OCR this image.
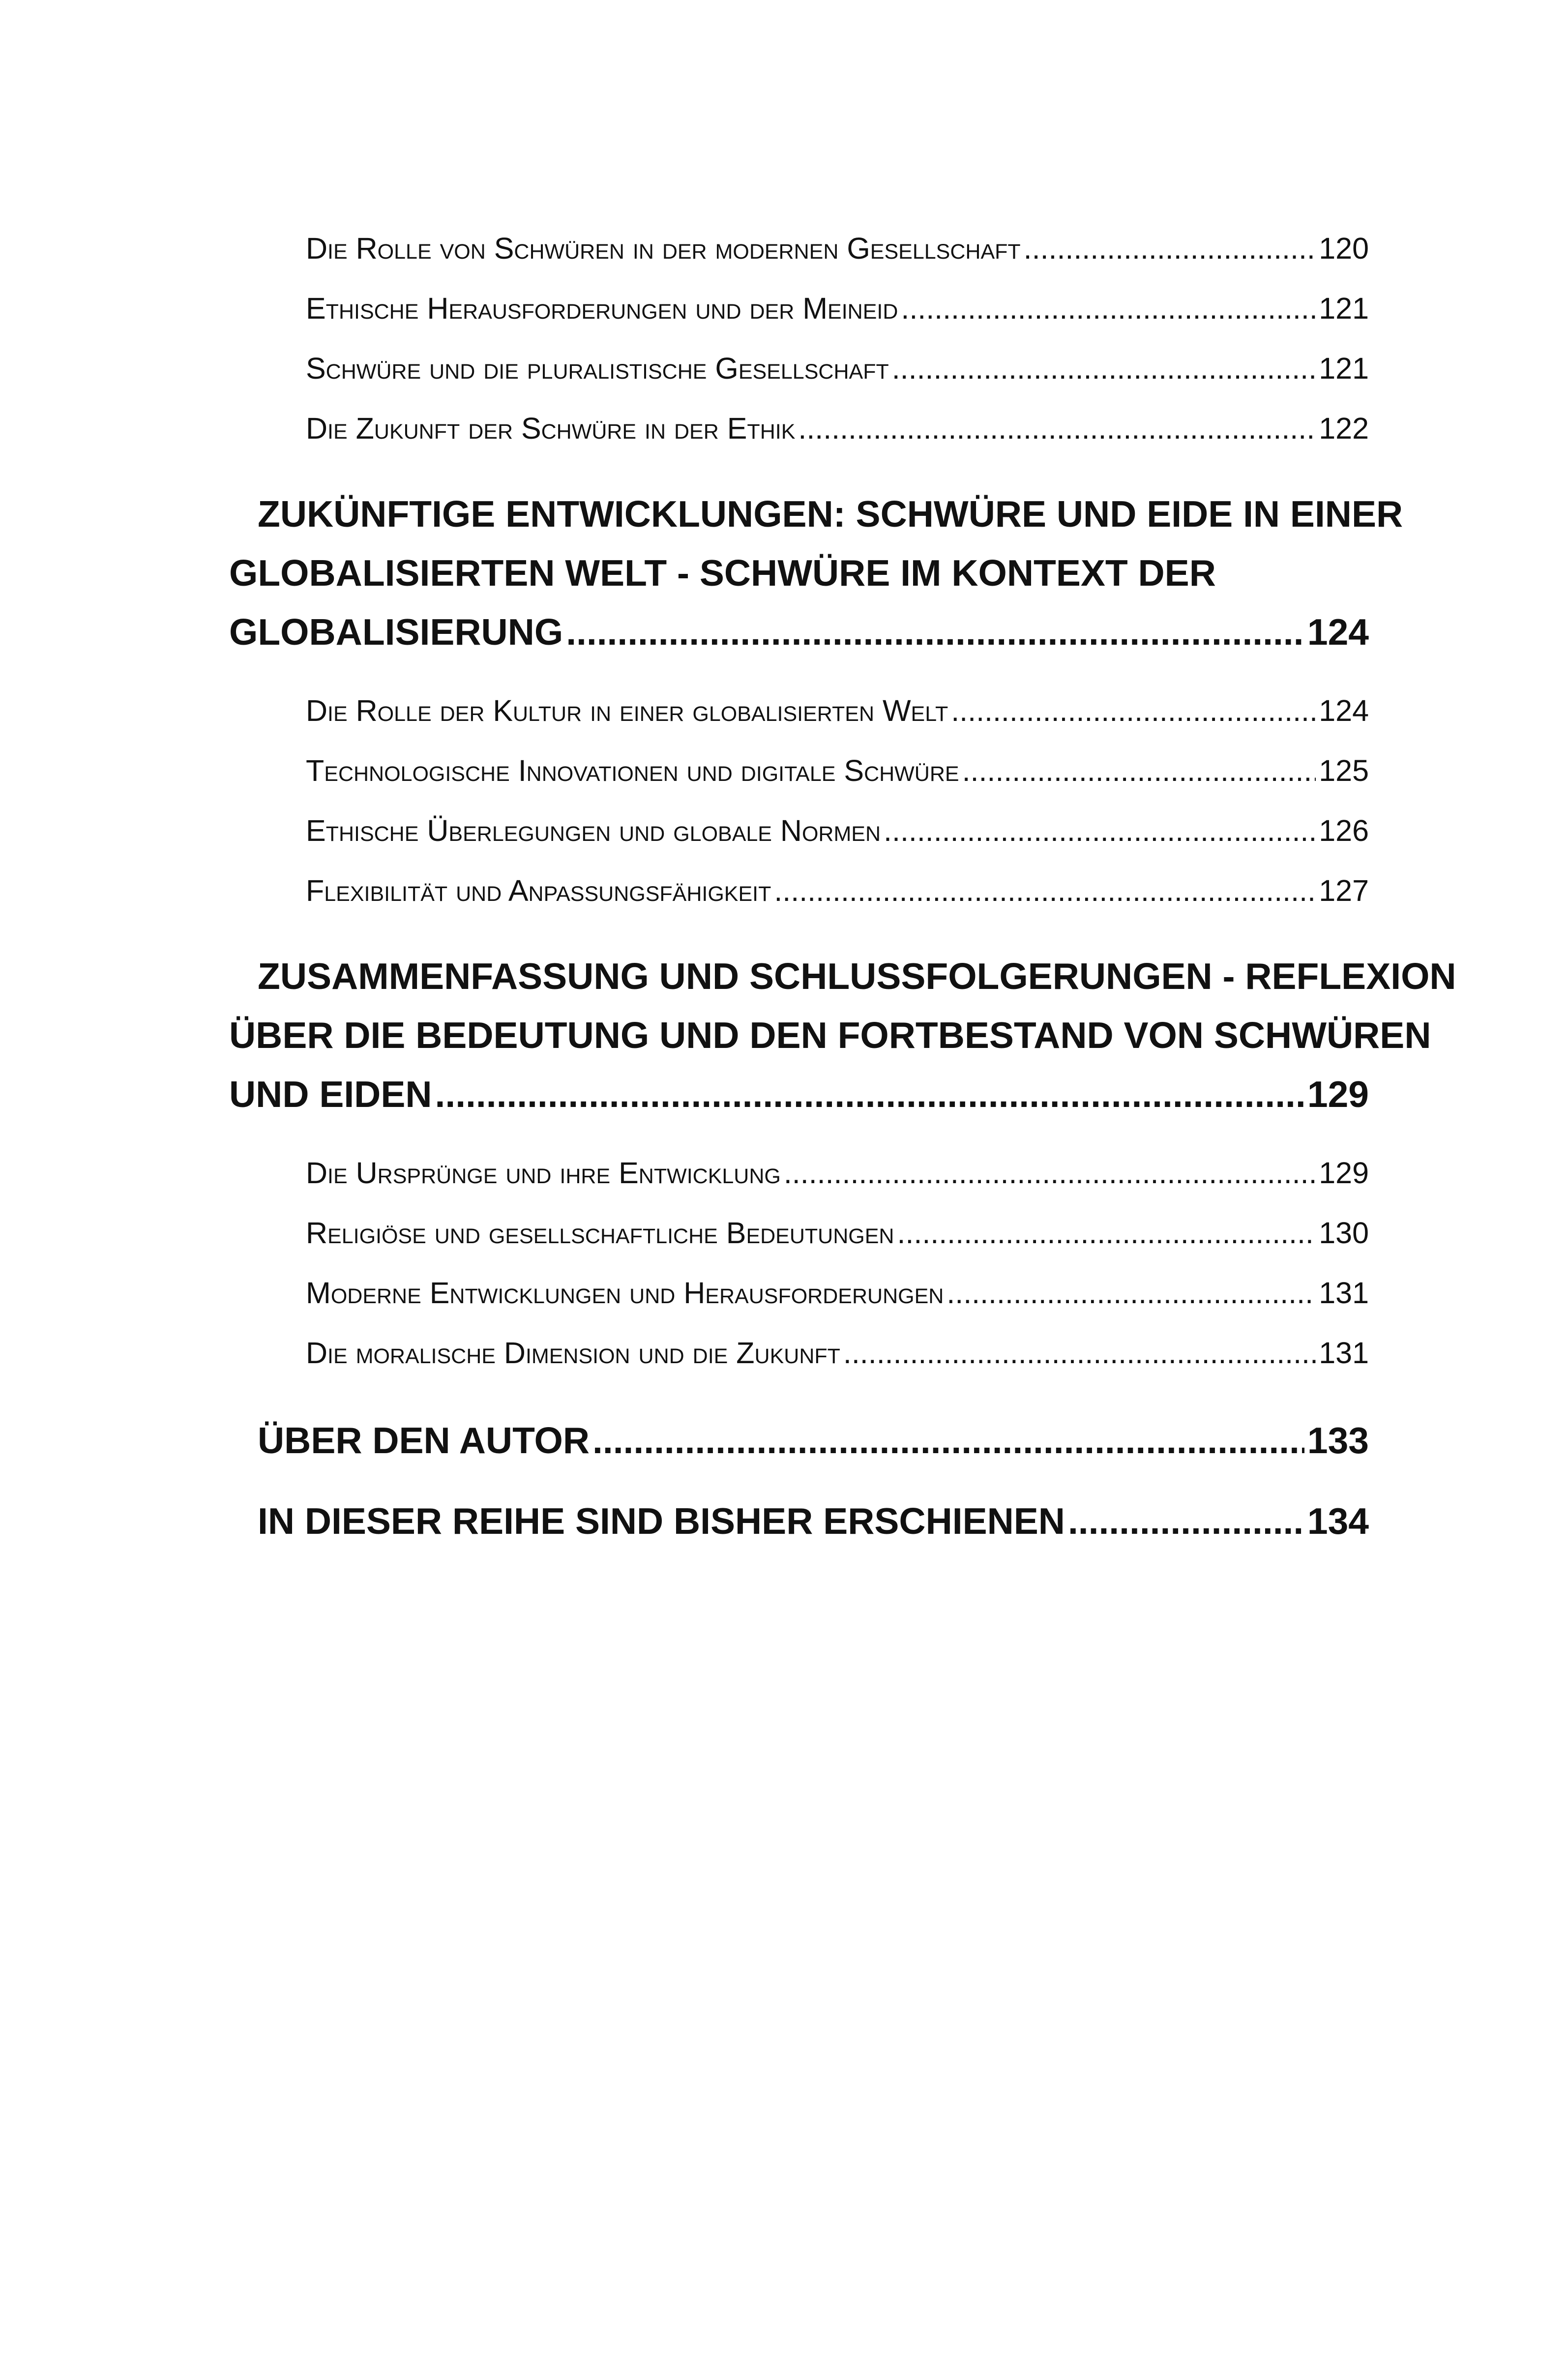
Die Rolle von Schwüren in der modernen Gesellschaft .....	120
Ethische Herausforderungen und der Meineid .....	121
Schwüre und die pluralistische Gesellschaft .....	121
Die Zukunft der Schwüre in der Ethik .....	122
ZUKÜNFTIGE ENTWICKLUNGEN: SCHWÜRE UND EIDE IN EINER
GLOBALISIERTEN WELT - SCHWÜRE IM KONTEXT DER
GLOBALISIERUNG .....	124
Die Rolle der Kultur in einer globalisierten Welt .....	124
Technologische Innovationen und digitale Schwüre .....	125
Ethische Überlegungen und globale Normen .....	126
Flexibilität und Anpassungsfähigkeit .....	127
ZUSAMMENFASSUNG UND SCHLUSSFOLGERUNGEN - REFLEXION
ÜBER DIE BEDEUTUNG UND DEN FORTBESTAND VON SCHWÜREN
UND EIDEN .....	129
Die Ursprünge und ihre Entwicklung .....	129
Religiöse und gesellschaftliche Bedeutungen .....	130
Moderne Entwicklungen und Herausforderungen .....	131
Die moralische Dimension und die Zukunft .....	131
ÜBER DEN AUTOR .....	133
IN DIESER REIHE SIND BISHER ERSCHIENEN .....	134
